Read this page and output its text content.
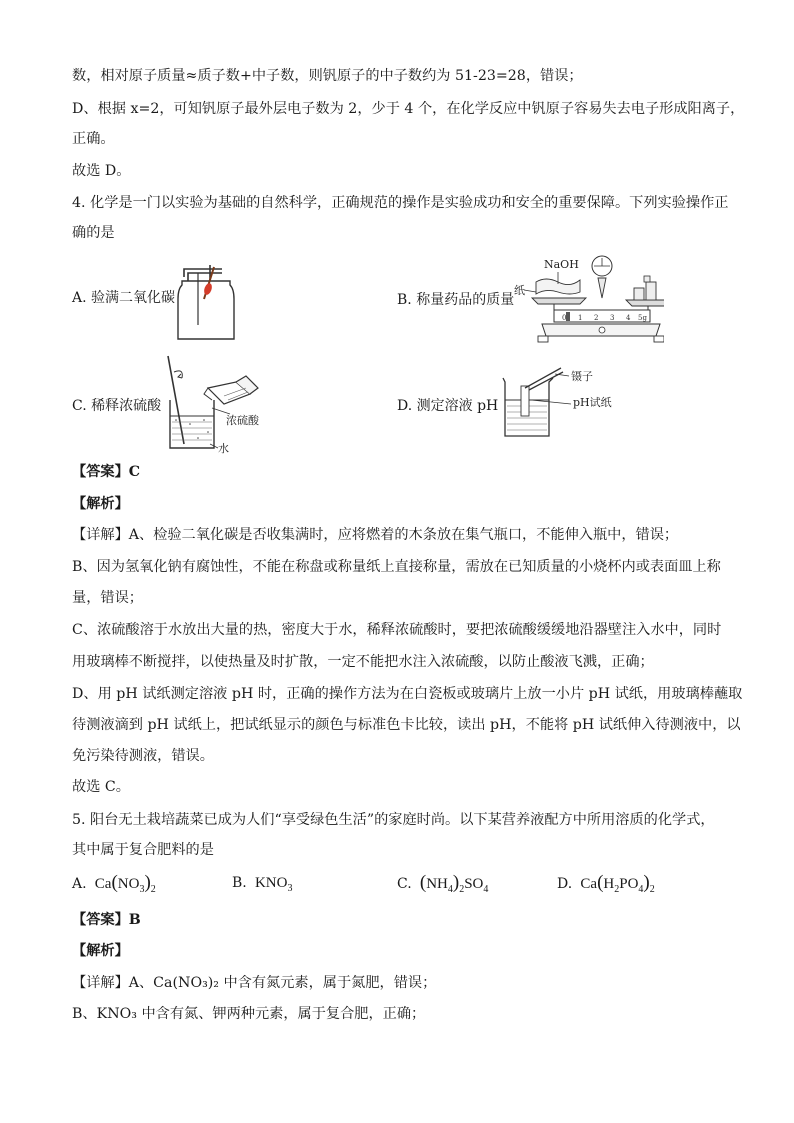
数，相对原子质量≈质子数+中子数，则钒原子的中子数约为 51-23=28，错误；
D、根据 x=2，可知钒原子最外层电子数为 2，少于 4 个，在化学反应中钒原子容易失去电子形成阳离子，
正确。
故选 D。
4. 化学是一门以实验为基础的自然科学，正确规范的操作是实验成功和安全的重要保障。下列实验操作正
确的是
A. 验满二氧化碳	B. 称量药品的质量
C. 稀释浓硫酸	D. 测定溶液 pH
NaOH
纸
0 1 2 3 4 5g
浓硫酸
水
镊子
pH试纸
【答案】C
【解析】
【详解】A、检验二氧化碳是否收集满时，应将燃着的木条放在集气瓶口，不能伸入瓶中，错误；
B、因为氢氧化钠有腐蚀性，不能在称盘或称量纸上直接称量，需放在已知质量的小烧杯内或表面皿上称
量，错误；
C、浓硫酸溶于水放出大量的热，密度大于水，稀释浓硫酸时，要把浓硫酸缓缓地沿器壁注入水中，同时
用玻璃棒不断搅拌，以使热量及时扩散，一定不能把水注入浓硫酸，以防止酸液飞溅，正确；
D、用 pH 试纸测定溶液 pH 时，正确的操作方法为在白瓷板或玻璃片上放一小片 pH 试纸，用玻璃棒蘸取
待测液滴到 pH 试纸上，把试纸显示的颜色与标准色卡比较，读出 pH，不能将 pH 试纸伸入待测液中，以
免污染待测液，错误。
故选 C。
5. 阳台无土栽培蔬菜已成为人们“享受绿色生活”的家庭时尚。以下某营养液配方中所用溶质的化学式，
其中属于复合肥料的是
A.  $Ca(NO_3)_2$	B.  $KNO_3$	C. $(NH_4)_2SO_4$	D.  $Ca(H_2PO_4)_2$
【答案】B
【解析】
【详解】A、Ca(NO₃)₂ 中含有氮元素，属于氮肥，错误；
B、KNO₃ 中含有氮、钾两种元素，属于复合肥，正确；
